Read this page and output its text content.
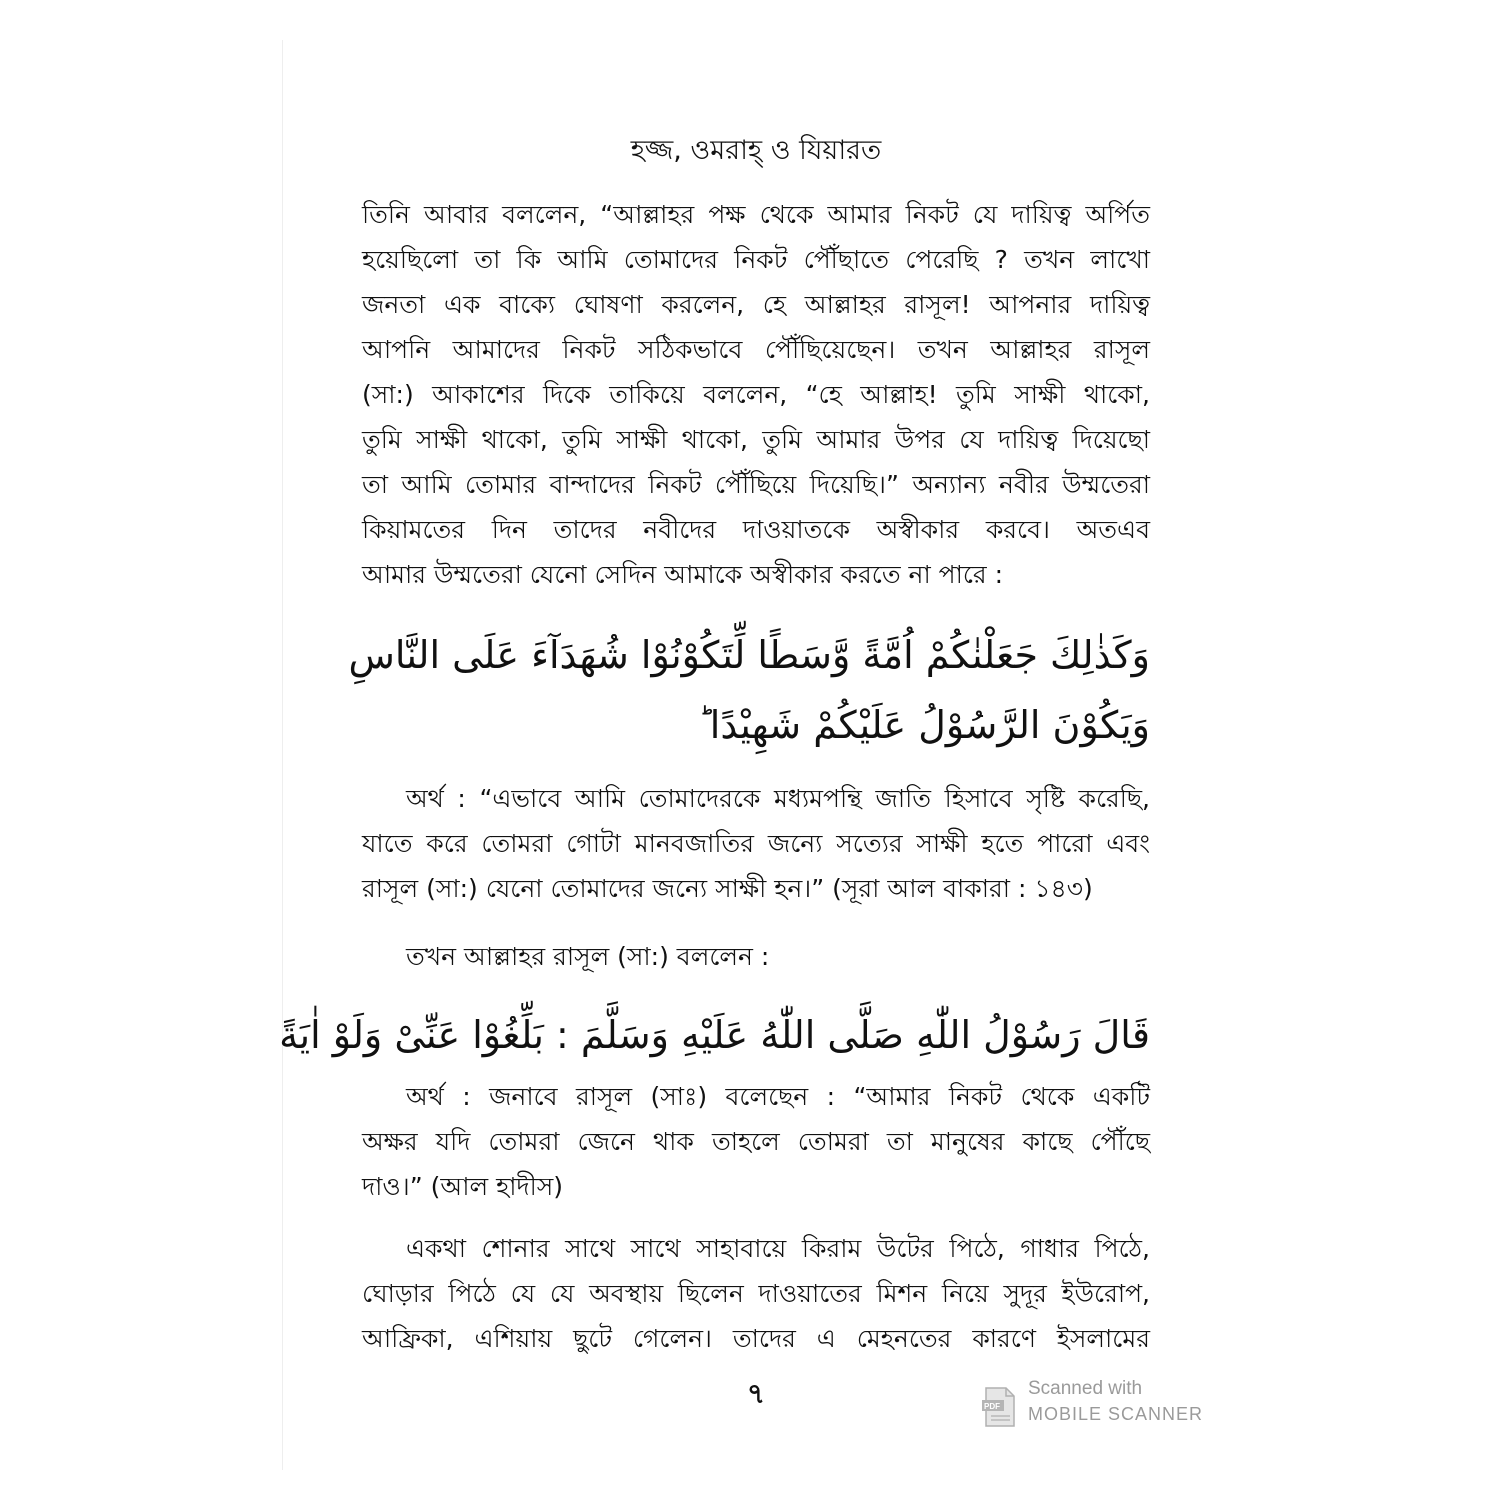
হজ্জ, ওমরাহ্ ও যিয়ারত
তিনি আবার বললেন, “আল্লাহর পক্ষ থেকে আমার নিকট যে দায়িত্ব অর্পিত
হয়েছিলো তা কি আমি তোমাদের নিকট পৌঁছাতে পেরেছি ? তখন লাখো
জনতা এক বাক্যে ঘোষণা করলেন, হে আল্লাহর রাসূল! আপনার দায়িত্ব
আপনি আমাদের নিকট সঠিকভাবে পৌঁছিয়েছেন। তখন আল্লাহর রাসূল
(সা:) আকাশের দিকে তাকিয়ে বললেন, “হে আল্লাহ! তুমি সাক্ষী থাকো,
তুমি সাক্ষী থাকো, তুমি সাক্ষী থাকো, তুমি আমার উপর যে দায়িত্ব দিয়েছো
তা আমি তোমার বান্দাদের নিকট পৌঁছিয়ে দিয়েছি।” অন্যান্য নবীর উম্মতেরা
কিয়ামতের দিন তাদের নবীদের দাওয়াতকে অস্বীকার করবে। অতএব
আমার উম্মতেরা যেনো সেদিন আমাকে অস্বীকার করতে না পারে :
وَكَذٰلِكَ جَعَلْنٰكُمْ اُمَّةً وَّسَطًا لِّتَكُوْنُوْا شُهَدَآءَ عَلَى النَّاسِ
وَيَكُوْنَ الرَّسُوْلُ عَلَيْكُمْ شَهِيْدًا ؕ
অর্থ : “এভাবে আমি তোমাদেরকে মধ্যমপন্থি জাতি হিসাবে সৃষ্টি করেছি,
যাতে করে তোমরা গোটা মানবজাতির জন্যে সত্যের সাক্ষী হতে পারো এবং
রাসূল (সা:) যেনো তোমাদের জন্যে সাক্ষী হন।” (সূরা আল বাকারা : ১৪৩)
তখন আল্লাহর রাসূল (সা:) বললেন :
قَالَ رَسُوْلُ اللّٰهِ صَلَّى اللّٰهُ عَلَيْهِ وَسَلَّمَ : بَلِّغُوْا عَنِّىْ وَلَوْ اٰيَةً
অর্থ : জনাবে রাসূল (সাঃ) বলেছেন : “আমার নিকট থেকে একটি
অক্ষর যদি তোমরা জেনে থাক তাহলে তোমরা তা মানুষের কাছে পৌঁছে
দাও।” (আল হাদীস)
একথা শোনার সাথে সাথে সাহাবায়ে কিরাম উটের পিঠে, গাধার পিঠে,
ঘোড়ার পিঠে যে যে অবস্থায় ছিলেন দাওয়াতের মিশন নিয়ে সুদূর ইউরোপ,
আফ্রিকা, এশিয়ায় ছুটে গেলেন। তাদের এ মেহনতের কারণে ইসলামের
৭	PDF
Scanned with
MOBILE SCANNER
